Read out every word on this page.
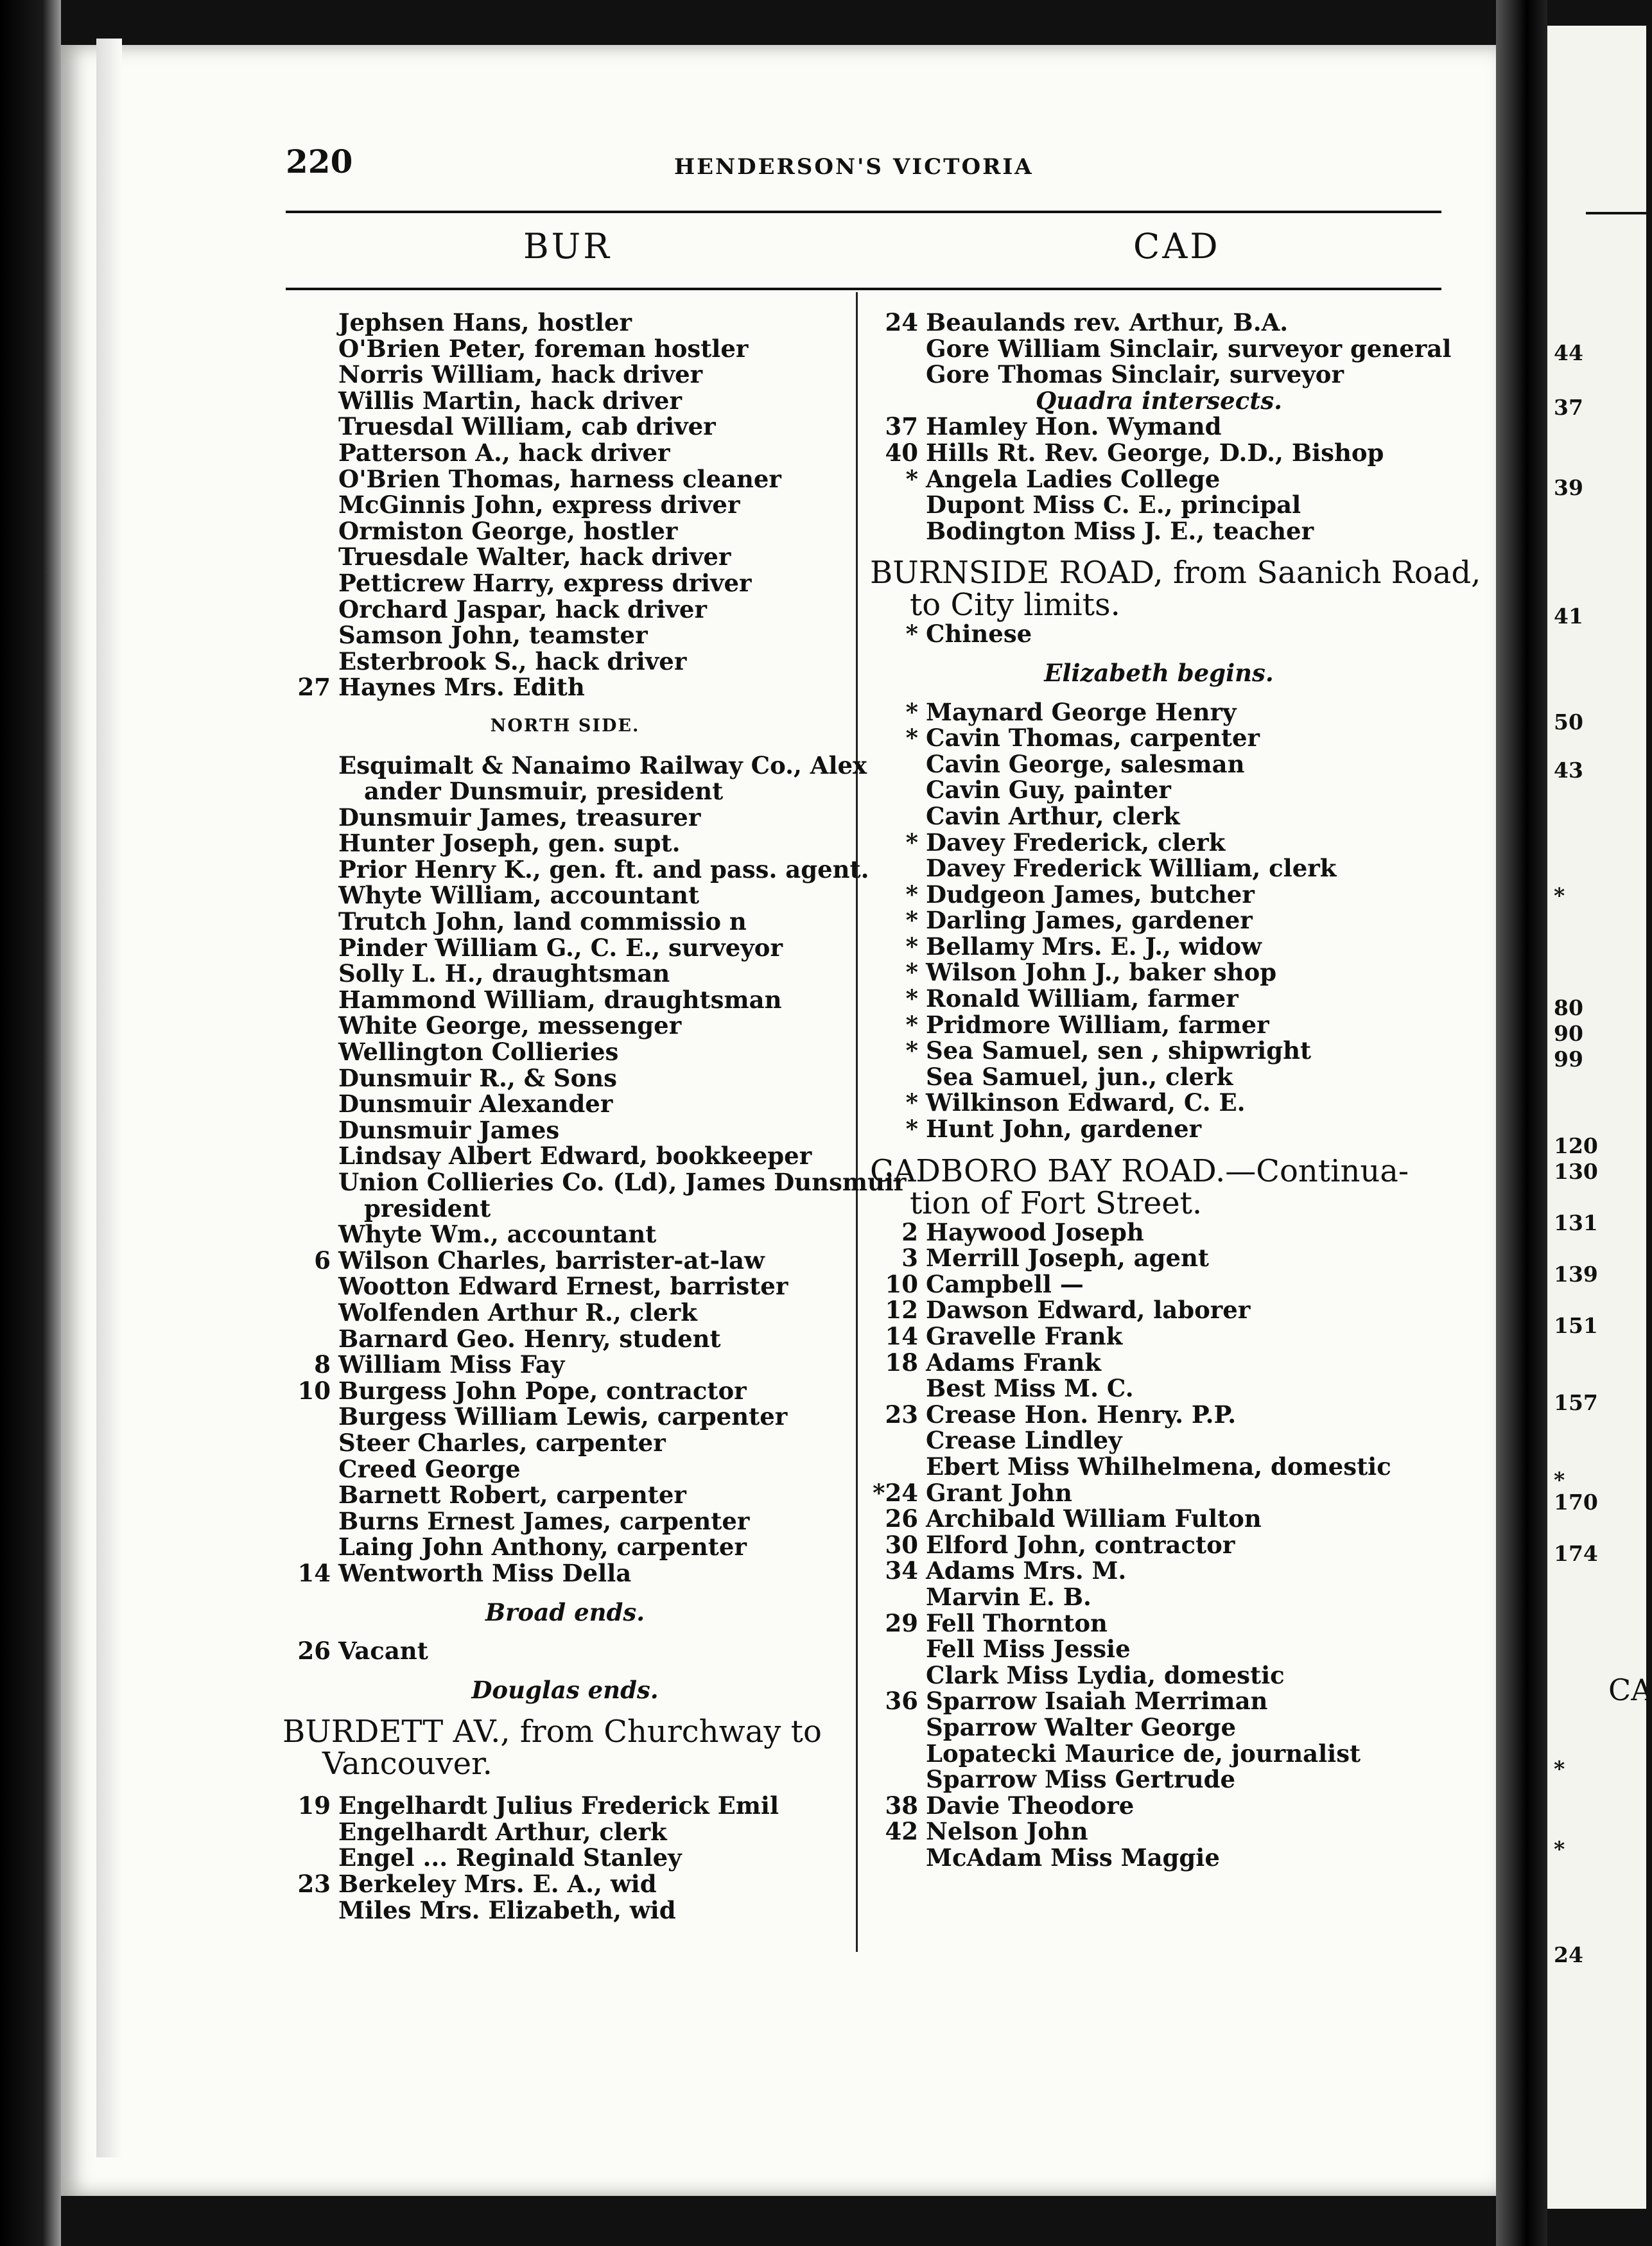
44
37
39
41
50
43
*
80
90
99
120
130
131
139
151
157
*
170
174
*
*
24
CA
220	HENDERSON'S VICTORIA
BUR	CAD
Jephsen Hans, hostler
O'Brien Peter, foreman hostler
Norris William, hack driver
Willis Martin, hack driver
Truesdal William, cab driver
Patterson A., hack driver
O'Brien Thomas, harness cleaner
McGinnis John, express driver
Ormiston George, hostler
Truesdale Walter, hack driver
Petticrew Harry, express driver
Orchard Jaspar, hack driver
Samson John, teamster
Esterbrook S., hack driver
27 Haynes Mrs. Edith
NORTH SIDE.
Esquimalt & Nanaimo Railway Co., Alex
ander Dunsmuir, president
Dunsmuir James, treasurer
Hunter Joseph, gen. supt.
Prior Henry K., gen. ft. and pass. agent.
Whyte William, accountant
Trutch John, land commissio n
Pinder William G., C. E., surveyor
Solly L. H., draughtsman
Hammond William, draughtsman
White George, messenger
Wellington Collieries
Dunsmuir R., & Sons
Dunsmuir Alexander
Dunsmuir James
Lindsay Albert Edward, bookkeeper
Union Collieries Co. (Ld), James Dunsmuir
president
Whyte Wm., accountant
6 Wilson Charles, barrister-at-law
Wootton Edward Ernest, barrister
Wolfenden Arthur R., clerk
Barnard Geo. Henry, student
8 William Miss Fay
10 Burgess John Pope, contractor
Burgess William Lewis, carpenter
Steer Charles, carpenter
Creed George
Barnett Robert, carpenter
Burns Ernest James, carpenter
Laing John Anthony, carpenter
14 Wentworth Miss Della
Broad ends.
26 Vacant
Douglas ends.
BURDETT AV., from Churchway to
Vancouver.
19 Engelhardt Julius Frederick Emil
Engelhardt Arthur, clerk
Engel ... Reginald Stanley
23 Berkeley Mrs. E. A., wid
Miles Mrs. Elizabeth, wid
24 Beaulands rev. Arthur, B.A.
Gore William Sinclair, surveyor general
Gore Thomas Sinclair, surveyor
Quadra intersects.
37 Hamley Hon. Wymand
40 Hills Rt. Rev. George, D.D., Bishop
* Angela Ladies College
Dupont Miss C. E., principal
Bodington Miss J. E., teacher
BURNSIDE ROAD, from Saanich Road,
to City limits.
* Chinese
Elizabeth begins.
* Maynard George Henry
* Cavin Thomas, carpenter
Cavin George, salesman
Cavin Guy, painter
Cavin Arthur, clerk
* Davey Frederick, clerk
Davey Frederick William, clerk
* Dudgeon James, butcher
* Darling James, gardener
* Bellamy Mrs. E. J., widow
* Wilson John J., baker shop
* Ronald William, farmer
* Pridmore William, farmer
* Sea Samuel, sen , shipwright
Sea Samuel, jun., clerk
* Wilkinson Edward, C. E.
* Hunt John, gardener
CADBORO BAY ROAD.—Continua-
tion of Fort Street.
2 Haywood Joseph
3 Merrill Joseph, agent
10 Campbell —
12 Dawson Edward, laborer
14 Gravelle Frank
18 Adams Frank
Best Miss M. C.
23 Crease Hon. Henry. P.P.
Crease Lindley
Ebert Miss Whilhelmena, domestic
*24 Grant John
26 Archibald William Fulton
30 Elford John, contractor
34 Adams Mrs. M.
Marvin E. B.
29 Fell Thornton
Fell Miss Jessie
Clark Miss Lydia, domestic
36 Sparrow Isaiah Merriman
Sparrow Walter George
Lopatecki Maurice de, journalist
Sparrow Miss Gertrude
38 Davie Theodore
42 Nelson John
McAdam Miss Maggie
